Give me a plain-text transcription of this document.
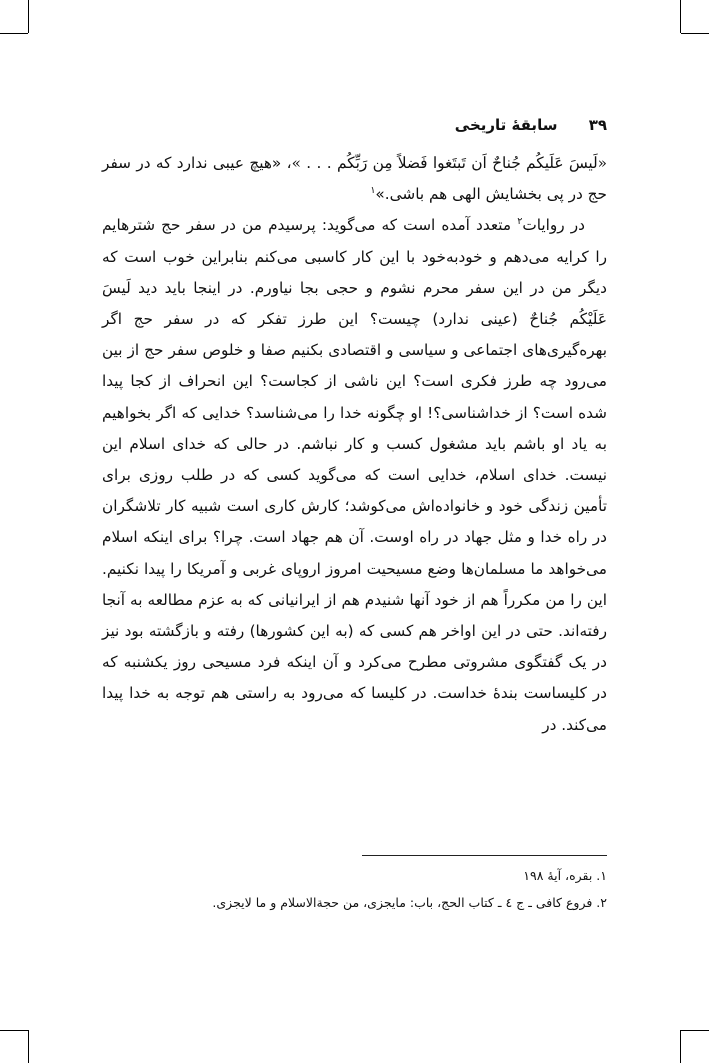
۳۹ سابقۀ تاریخی

«لَیسَ عَلَیکُم جُناحٌ اَن تَبتَغوا فَضلاً مِن رَبِّکُم . . . »، «هیچ عیبی ندارد که در سفر حج در پی بخشایش الهی هم باشی.»$^۱$

در روایات$^۲$ متعدد آمده است که می‌گوید: پرسیدم من در سفر حج شترهایم را کرایه می‌دهم و خودبه‌خود با این کار کاسبی می‌کنم بنابراین خوب است که دیگر من در این سفر محرم نشوم و حجی بجا نیاورم. در اینجا باید دید لَیسَ عَلَیْکُم جُناحٌ (عینی ندارد) چیست؟ این طرز تفکر که در سفر حج اگر بهره‌گیری‌های اجتماعی و سیاسی و اقتصادی بکنیم صفا و خلوص سفر حج از بین می‌رود چه طرز فکری است؟ این ناشی از کجاست؟ این انحراف از کجا پیدا شده است؟ از خداشناسی؟! او چگونه خدا را می‌شناسد؟ خدایی که اگر بخواهیم به یاد او باشم باید مشغول کسب و کار نباشم. در حالی که خدای اسلام این نیست. خدای اسلام، خدایی است که می‌گوید کسی که در طلب روزی برای تأمین زندگی خود و خانواده‌اش می‌کوشد؛ کارش کاری است شبیه کار تلاشگران در راه خدا و مثل جهاد در راه اوست. آن هم جهاد است. چرا؟ برای اینکه اسلام می‌خواهد ما مسلمان‌ها وضع مسیحیت امروز اروپای غربی و آمریکا را پیدا نکنیم. این را من مکرراً هم از خود آنها شنیدم هم از ایرانیانی که به عزم مطالعه به آنجا رفته‌اند. حتی در این اواخر هم کسی که (به این کشورها) رفته و بازگشته بود نیز در یک گفتگوی مشروتی مطرح می‌کرد و آن اینکه فرد مسیحی روز یکشنبه که در کلیساست بندۀ خداست. در کلیسا که می‌رود به راستی هم توجه به خدا پیدا می‌کند. در

۱. بقره، آیۀ ۱۹۸
۲. فروع کافی ـ ج ٤ ـ کتاب الحج، باب: مایجزی، من حجةالاسلام و ما لایجزی.
